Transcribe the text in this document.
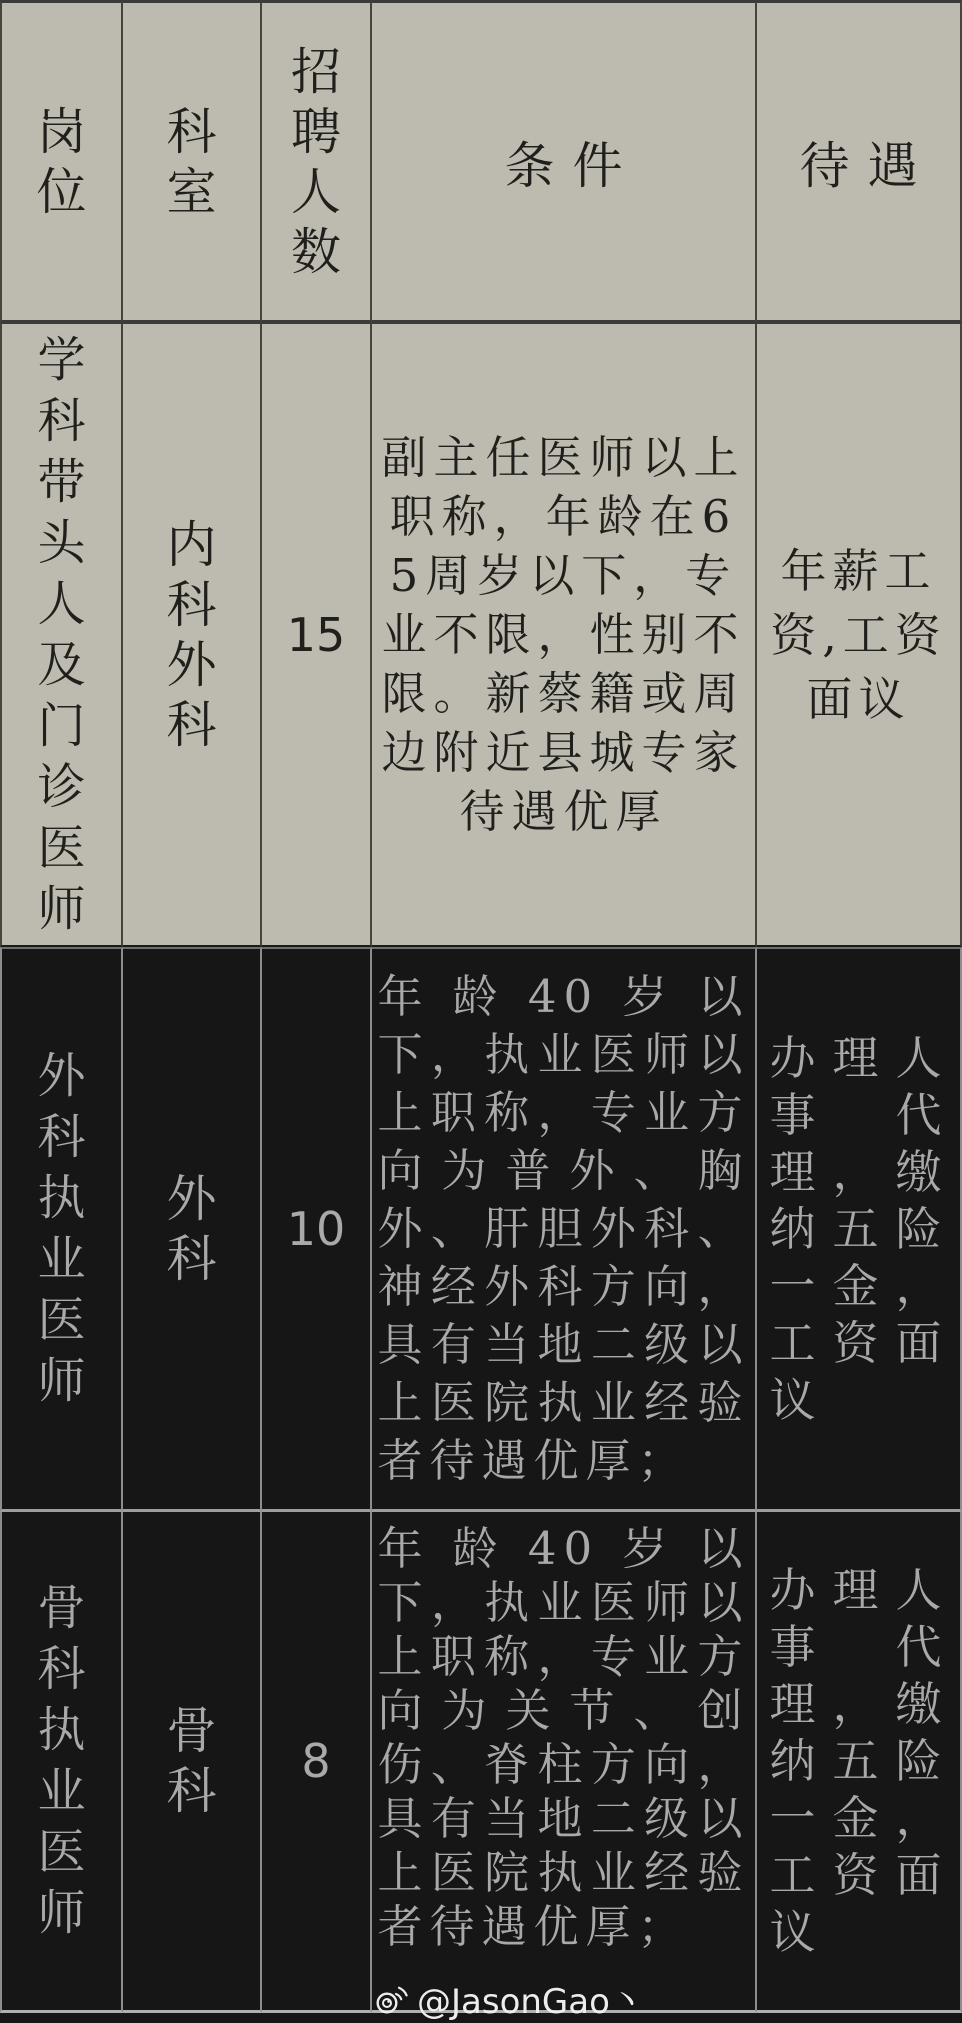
岗位
科室
招聘人数
条件	待遇
学科带头人及门诊医师
内科外科
15
副主任医师以上职称，年龄在65周岁以下，专业不限，性别不限。新蔡籍或周边附近县城专家待遇优厚
年薪工资,工资面议
外科执业医师
外科
10
年龄40岁以下，执业医师以上职称，专业方向为普外、胸外、肝胆外科、神经外科方向，具有当地二级以上医院执业经验者待遇优厚；
办理人事代理，缴纳五险一金，工资面议
骨科执业医师
骨科
8
年龄40岁以下，执业医师以上职称，专业方向为关节、创伤、脊柱方向，具有当地二级以上医院执业经验者待遇优厚；
办理人事代理，缴纳五险一金，工资面议
@JasonGao丶
